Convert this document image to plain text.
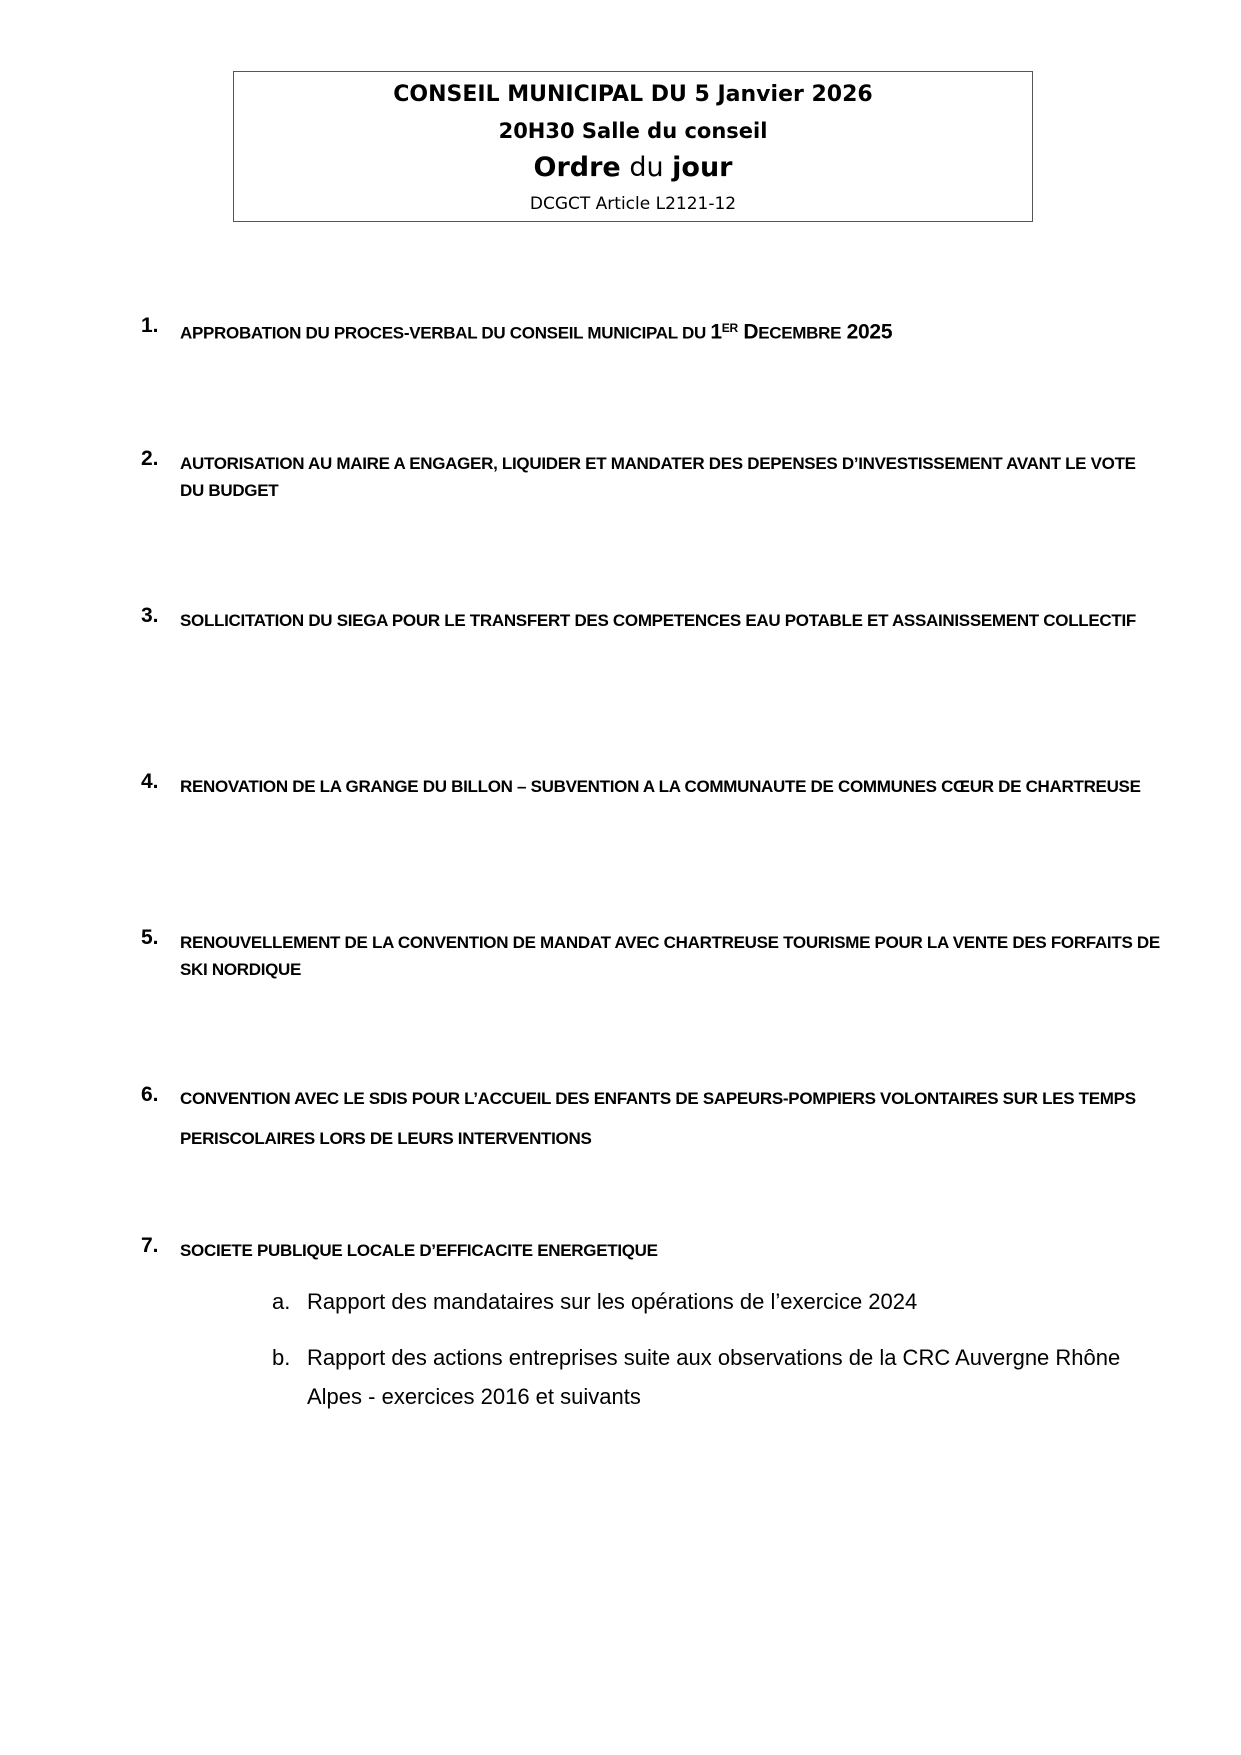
CONSEIL MUNICIPAL DU 5 Janvier 2026
20H30 Salle du conseil
Ordre du jour
DCGCT Article L2121-12
1. APPROBATION DU PROCES-VERBAL DU CONSEIL MUNICIPAL DU 1ER DECEMBRE 2025
2. AUTORISATION AU MAIRE A ENGAGER, LIQUIDER ET MANDATER DES DEPENSES D’INVESTISSEMENT AVANT LE VOTE DU BUDGET
3. SOLLICITATION DU SIEGA POUR LE TRANSFERT DES COMPETENCES EAU POTABLE ET ASSAINISSEMENT COLLECTIF
4. RENOVATION DE LA GRANGE DU BILLON – SUBVENTION A LA COMMUNAUTE DE COMMUNES CŒUR DE CHARTREUSE
5. RENOUVELLEMENT DE LA CONVENTION DE MANDAT AVEC CHARTREUSE TOURISME POUR LA VENTE DES FORFAITS DE SKI NORDIQUE
6. CONVENTION AVEC LE SDIS POUR L’ACCUEIL DES ENFANTS DE SAPEURS-POMPIERS VOLONTAIRES SUR LES TEMPS PERISCOLAIRES LORS DE LEURS INTERVENTIONS
7. SOCIETE PUBLIQUE LOCALE D’EFFICACITE ENERGETIQUE
a. Rapport des mandataires sur les opérations de l’exercice 2024
b. Rapport des actions entreprises suite aux observations de la CRC Auvergne Rhône Alpes - exercices 2016 et suivants
